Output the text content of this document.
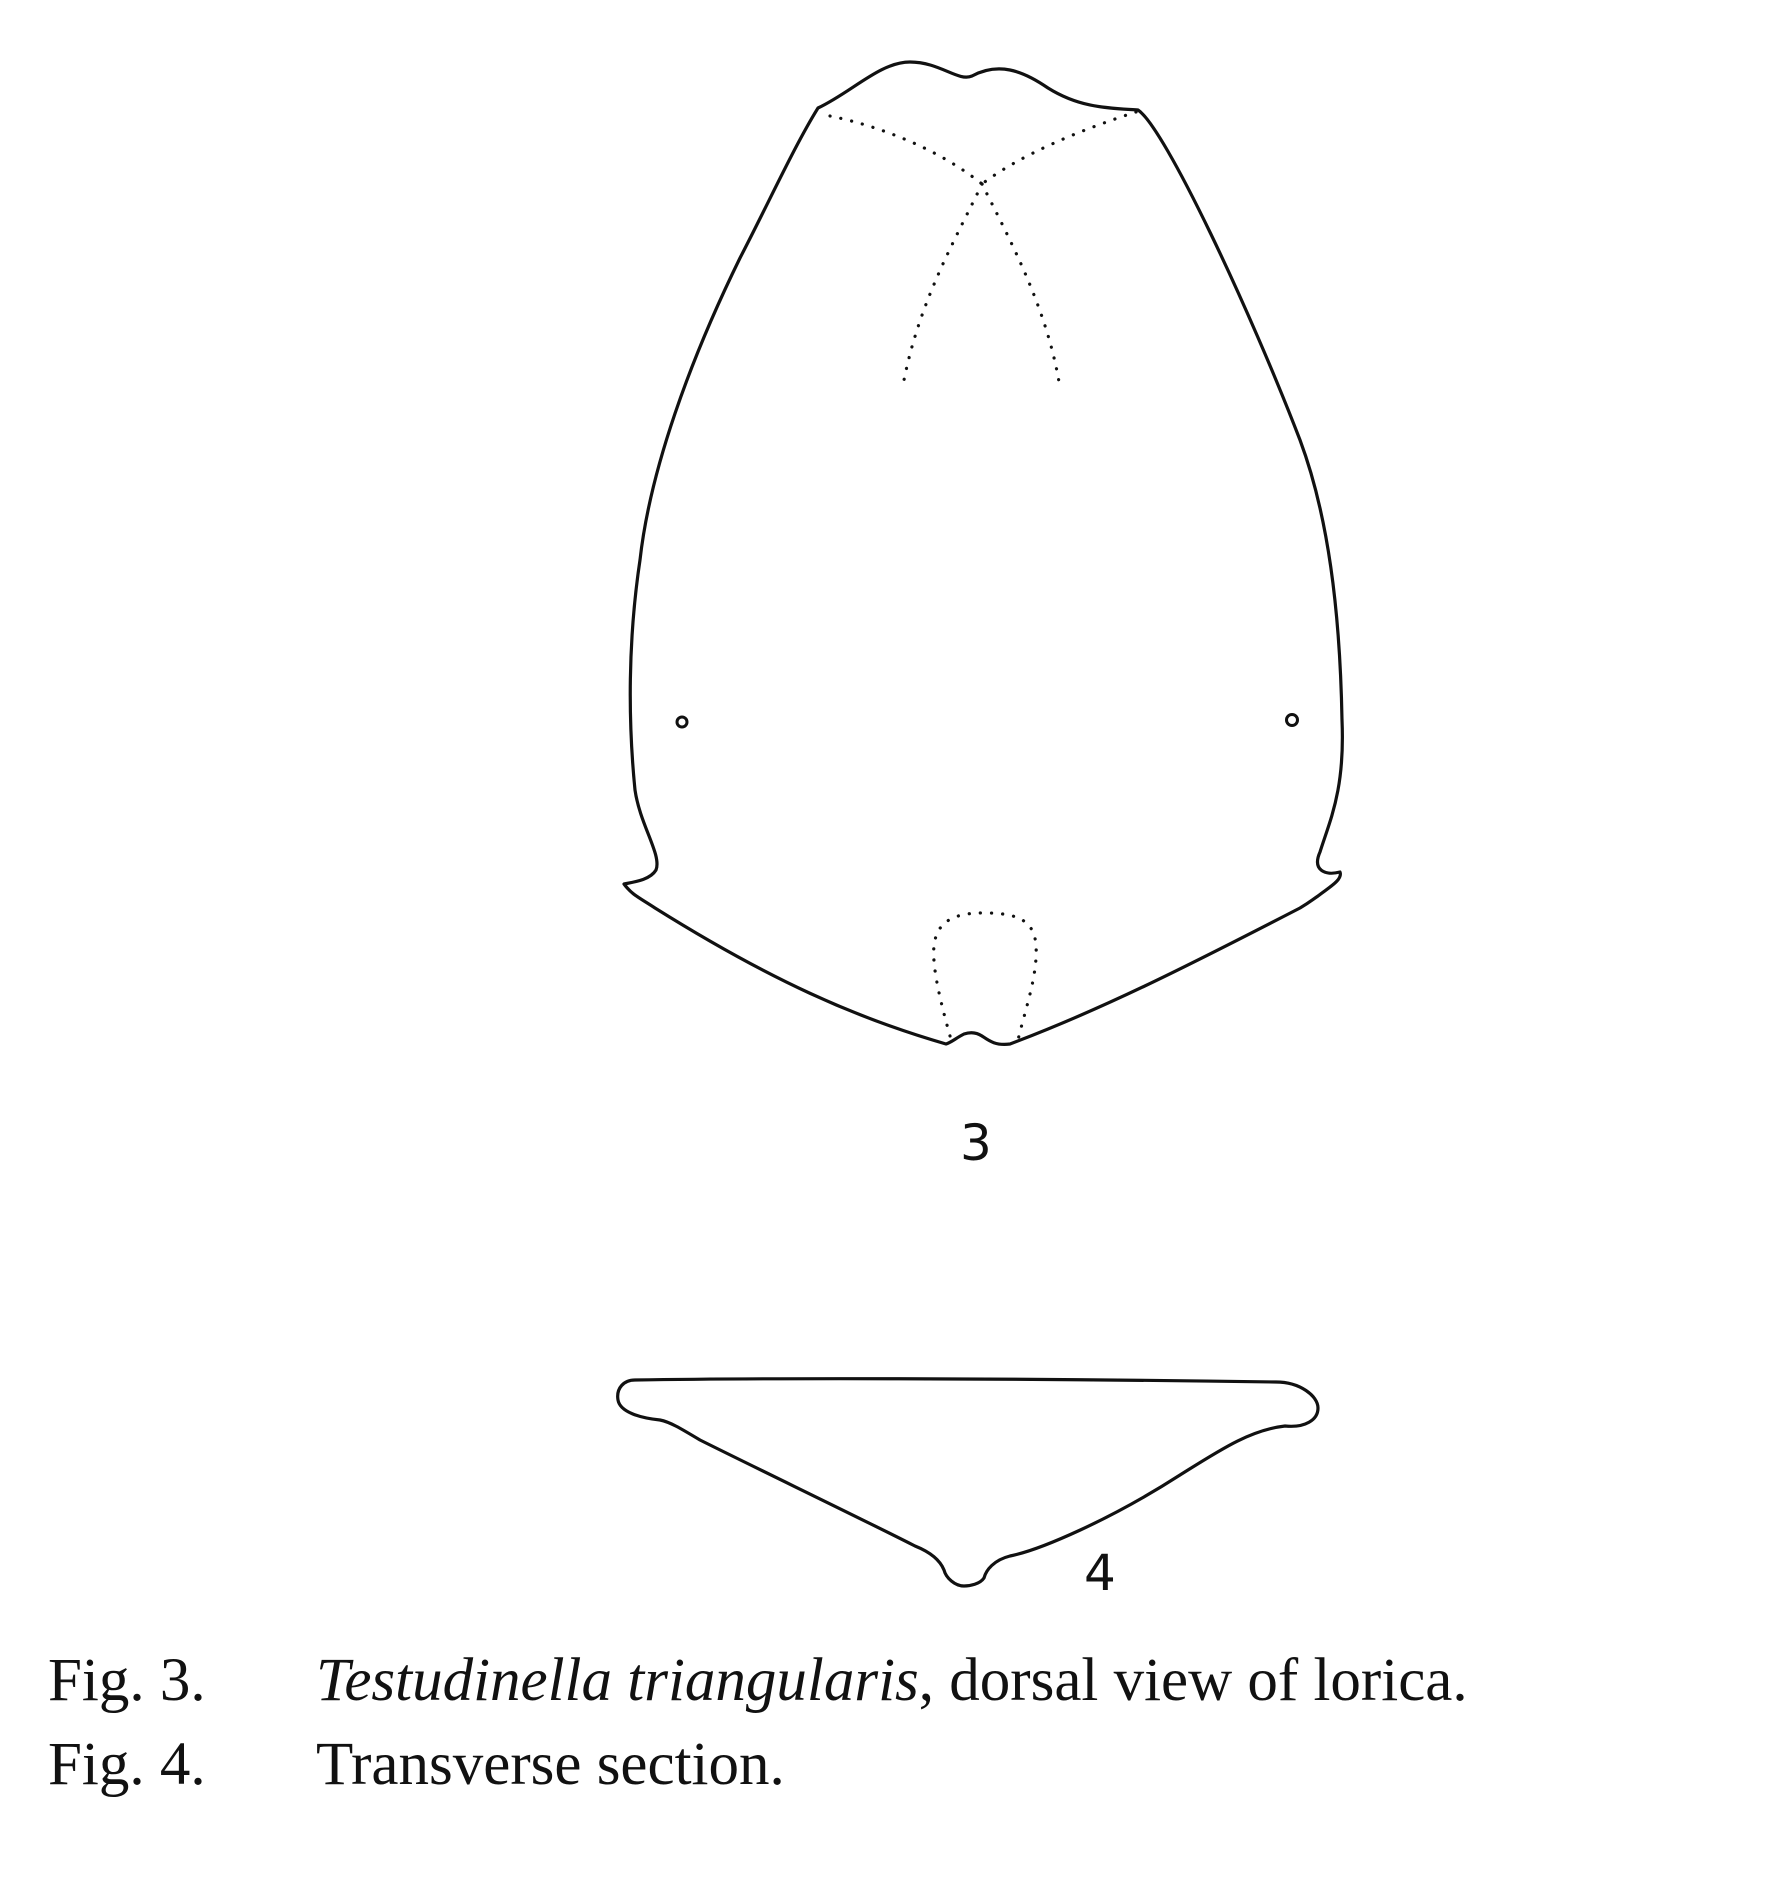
3
4
Fig. 3. Testudinella triangularis, dorsal view of lorica.
Fig. 4. Transverse section.
